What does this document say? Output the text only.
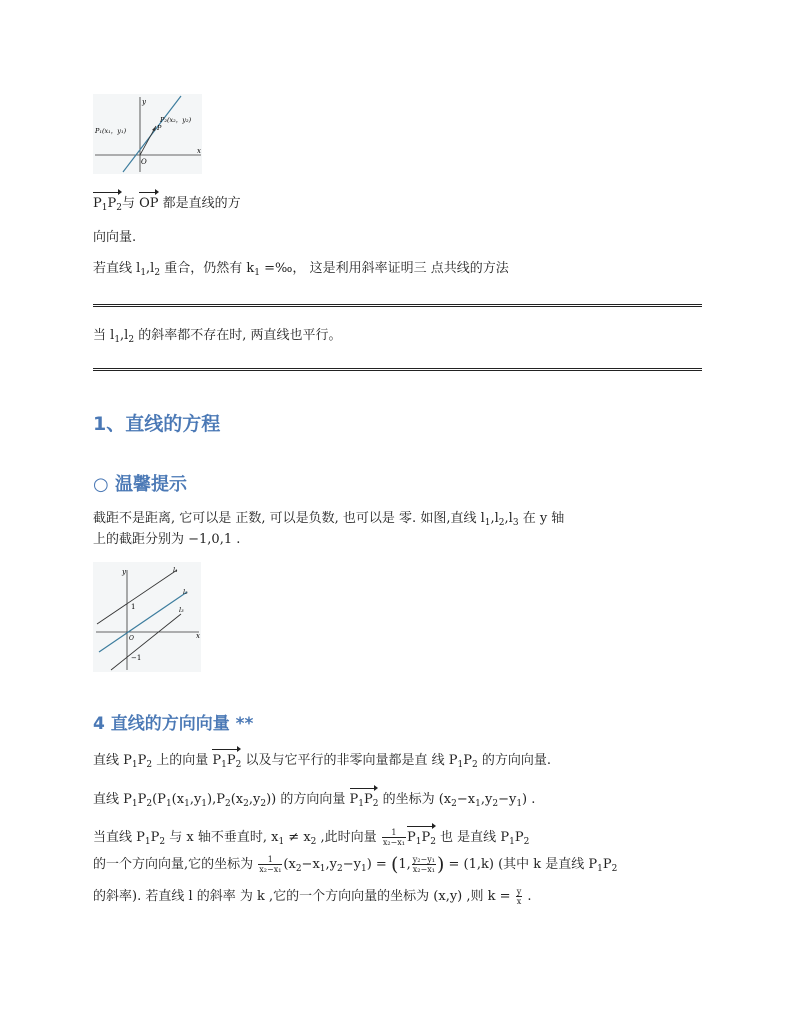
y
x
O
P₁(x₁，y₁)
P₂(x₂，y₂)
P
$P_1P_2$与 OP 都是直线的方
向向量.
若直线 $l_1,l_2$ 重合，仍然有 $k_1$ =‰， 这是利用斜率证明三 点共线的方法
当 $l_1,l_2$ 的斜率都不存在时, 两直线也平行。
1、直线的方程
○ 温馨提示
截距不是距离, 它可以是 正数, 可以是负数, 也可以是 零. 如图,直线 $l_1,l_2,l_3$ 在 y 轴
上的截距分别为 −1,0,1 .
y
x
O
1
−1
l₁
l₂
l₃
4 直线的方向向量 **
直线 $P_1P_2$ 上的向量 $P_1P_2$ 以及与它平行的非零向量都是直 线 $P_1P_2$ 的方向向量.
直线 $P_1P_2(P_1(x_1,y_1),P_2(x_2,y_2))$ 的方向向量 $P_1P_2$ 的坐标为 $(x_2-x_1,y_2-y_1)$ .
当直线 $P_1P_2$ 与 x 轴不垂直时, $x_1 \ne x_2$ ,此时向量 $\frac{1}{\text{x₂−x₁}} P_1P_2$ 也 是直线 $P_1P_2$
的一个方向向量,它的坐标为 $\frac{1}{\text{x₂−x₁}} (x_2-x_1,y_2-y_1) = (1$, $\frac{\text{y₂−y₁}}{\text{x₂−x₁}}$ ) = (1,k) (其中 k 是直线 $P_1P_2$
的斜率). 若直线 l 的斜率 为 k ,它的一个方向向量的坐标为 (x,y) ,则 $k = \frac{y}{x}$ .
